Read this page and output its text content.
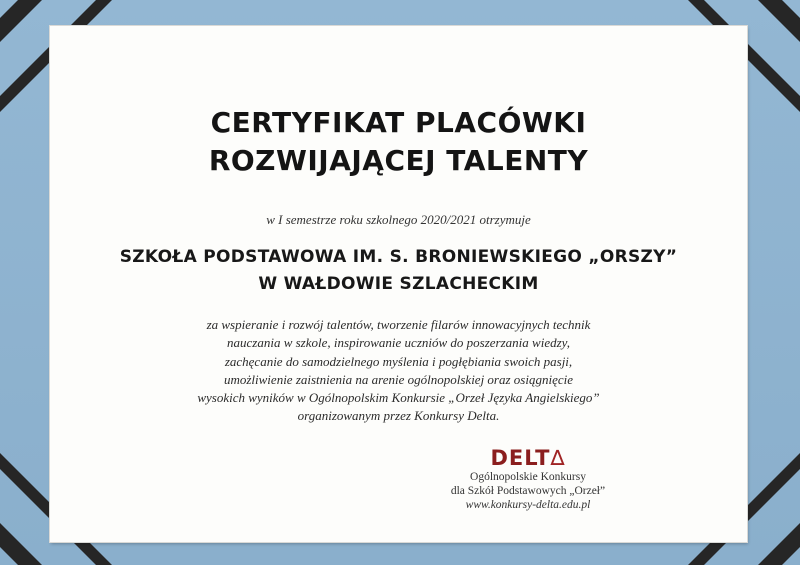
CERTYFIKAT PLACÓWKI
ROZWIJAJĄCEJ TALENTY
w I semestrze roku szkolnego 2020/2021 otrzymuje
SZKOŁA PODSTAWOWA IM. S. BRONIEWSKIEGO „ORSZY”
W WAŁDOWIE SZLACHECKIM
za wspieranie i rozwój talentów, tworzenie filarów innowacyjnych technik
nauczania w szkole, inspirowanie uczniów do poszerzania wiedzy,
zachęcanie do samodzielnego myślenia i pogłębiania swoich pasji,
umożliwienie zaistnienia na arenie ogólnopolskiej oraz osiągnięcie
wysokich wyników w Ogólnopolskim Konkursie „Orzeł Języka Angielskiego”
organizowanym przez Konkursy Delta.
DELT∆
Ogólnopolskie Konkursy
dla Szkół Podstawowych „Orzeł”
www.konkursy-delta.edu.pl
